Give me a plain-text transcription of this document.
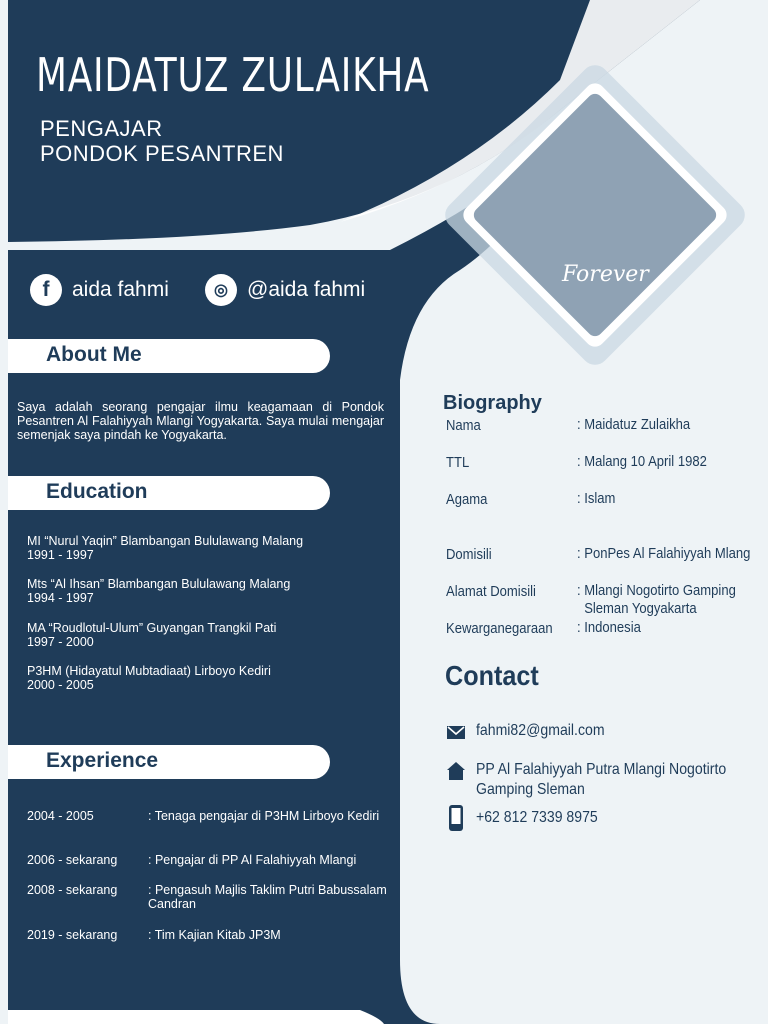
MAIDATUZ ZULAIKHA
PENGAJAR
PONDOK PESANTREN
Forever
f	aida fahmi	◎ @aida fahmi
About Me
Saya adalah seorang pengajar ilmu keagamaan di Pondok Pesantren Al Falahiyyah Mlangi Yogyakarta. Saya mulai mengajar semenjak saya pindah ke Yogyakarta.
Education
MI “Nurul Yaqin” Blambangan Bululawang Malang
1991 - 1997
Mts “Al Ihsan” Blambangan Bululawang Malang
1994 - 1997
MA “Roudlotul-Ulum” Guyangan Trangkil Pati
1997 - 2000
P3HM (Hidayatul Mubtadiaat) Lirboyo Kediri
2000 - 2005
Experience
2004 - 2005	: Tenaga pengajar di P3HM Lirboyo Kediri
2006 - sekarang	: Pengajar di PP Al Falahiyyah Mlangi
2008 - sekarang	: Pengasuh Majlis Taklim Putri Babussalam Candran
2019 - sekarang	: Tim Kajian Kitab JP3M
Biography
Nama	: Maidatuz Zulaikha
TTL	: Malang 10 April 1982
Agama	: Islam
Domisili	: PonPes Al Falahiyyah Mlang
Alamat Domisili	: Mlangi Nogotirto Gamping
Sleman Yogyakarta
Kewarganegaraan : Indonesia
Contact
fahmi82@gmail.com
PP Al Falahiyyah Putra Mlangi Nogotirto
Gamping Sleman
+62 812 7339 8975
